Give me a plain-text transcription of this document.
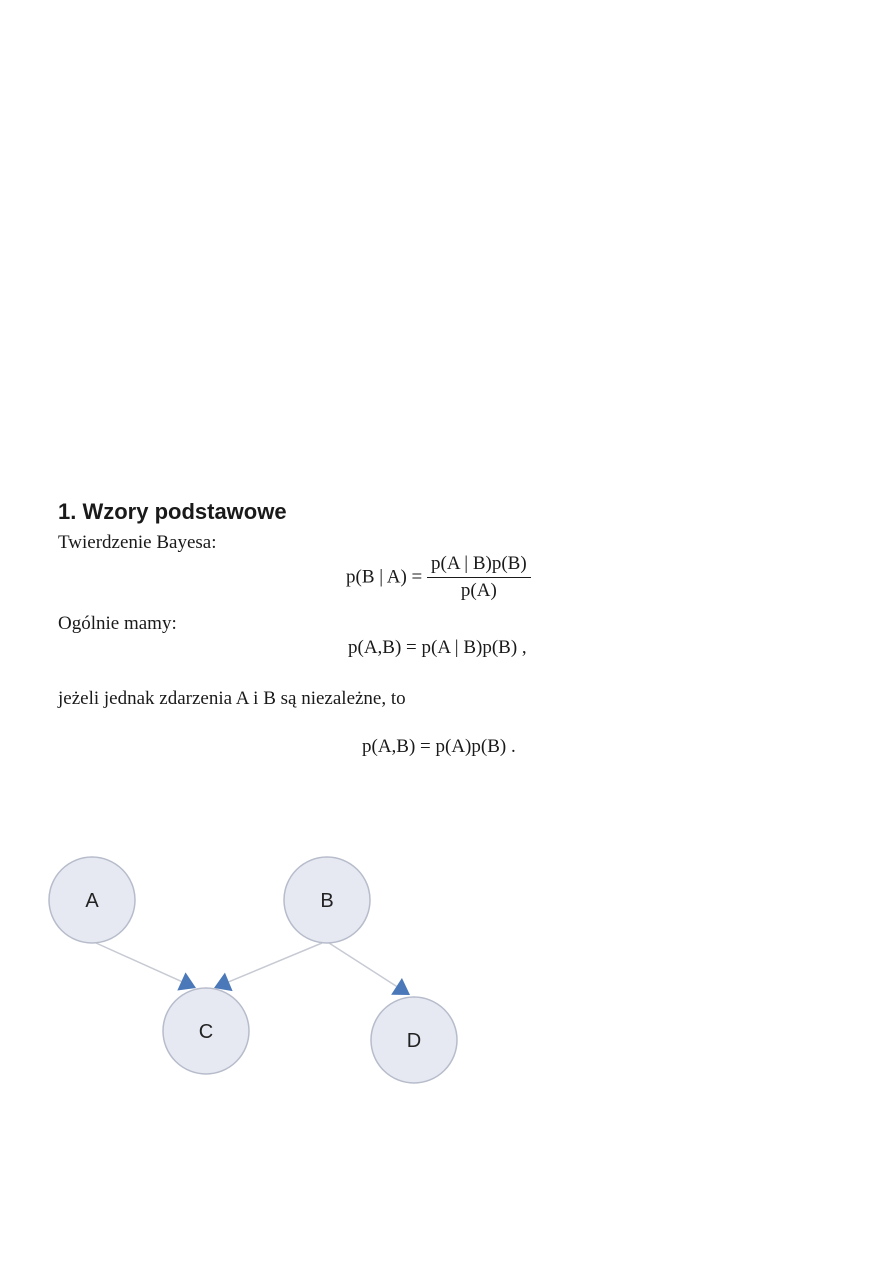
1. Wzory podstawowe
Twierdzenie Bayesa:
p(B | $A) = \frac{p(A | B)p(B)}{p(A)}$
Ogólnie mamy:
p(A,B) = p(A | B)p(B) ,
jeżeli jednak zdarzenia A i B są niezależne, to
p(A,B) = p(A)p(B) .
A	B
C	D
